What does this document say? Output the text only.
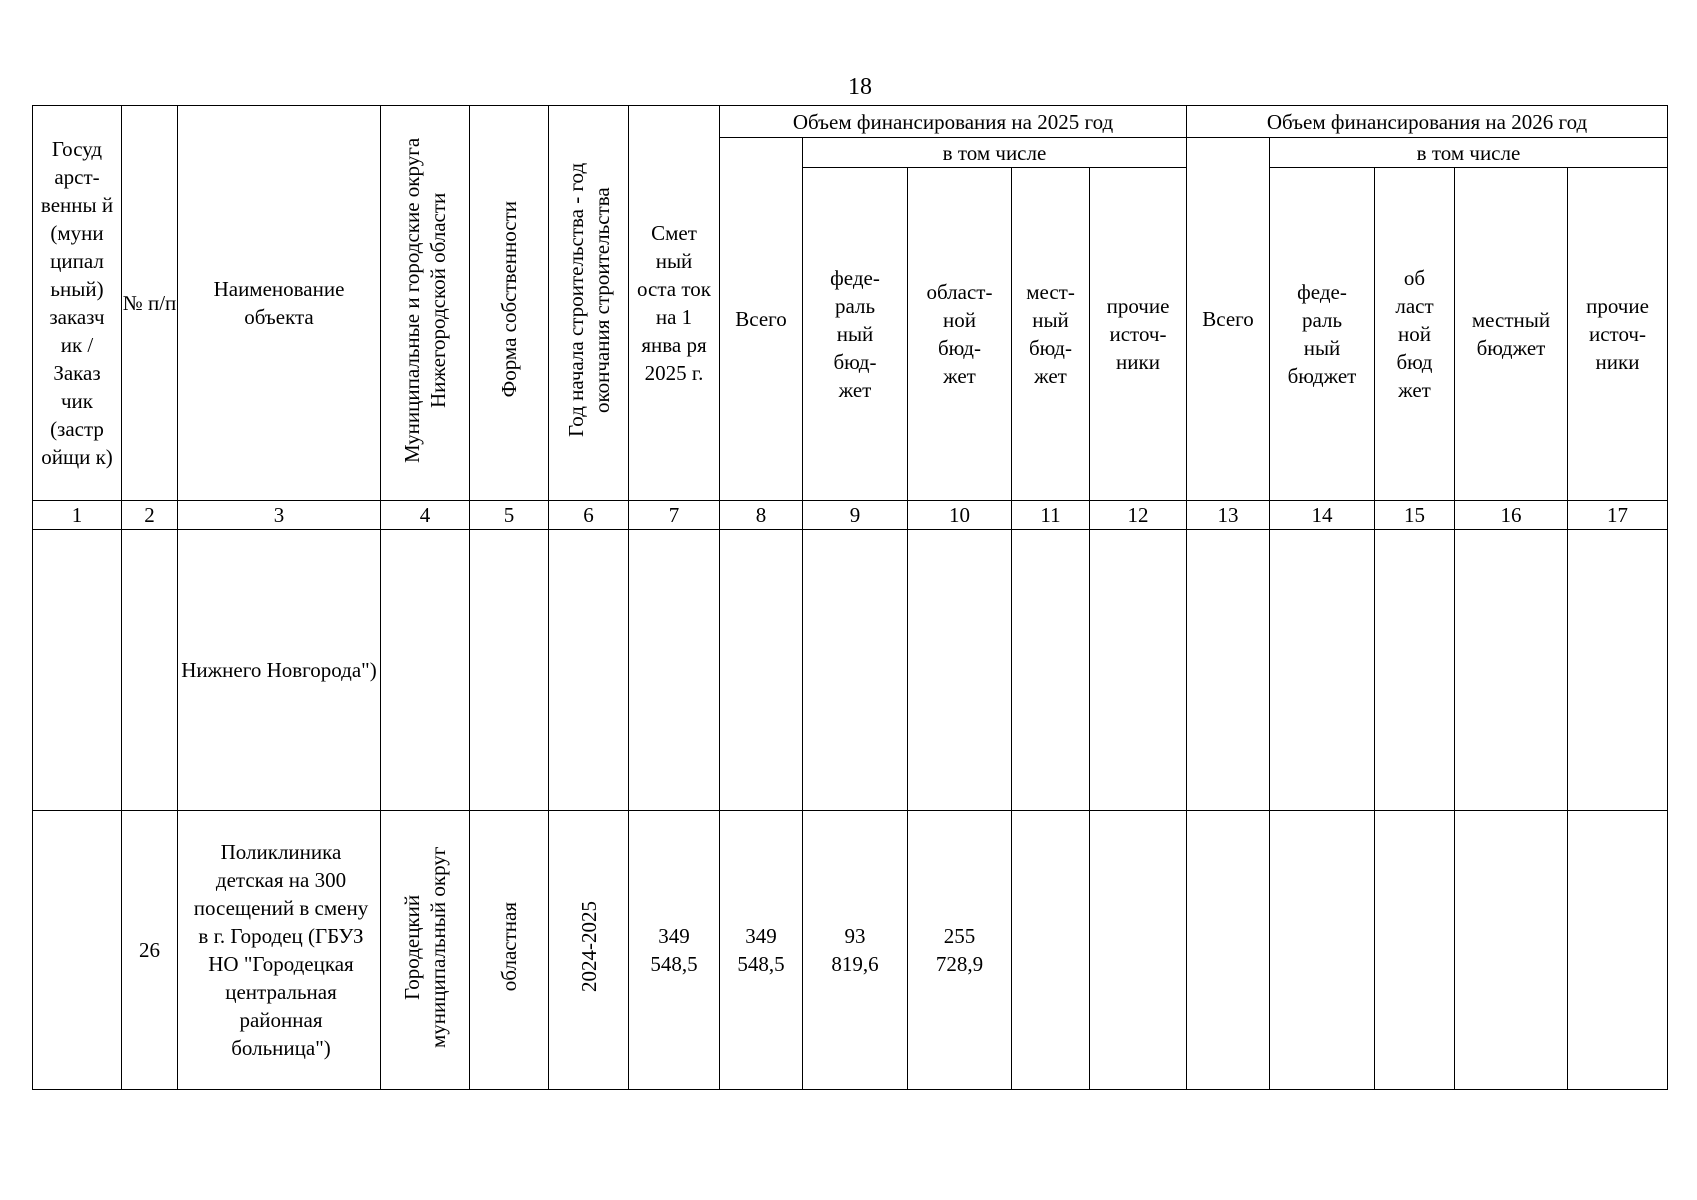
18
Госуд арст-венны й (муни ципал ьный) заказч ик / Заказ чик (застр ойщи к)	№ п/п	Наименование объекта	Муниципальные и городские округа Нижегородской области	Форма собственности	Год начала строительства - год окончания строительства	Смет ный оста ток на 1 янва ря 2025 г.	Объем финансирования на 2025 год					Объем финансирования на 2026 год				
							Всего	в том числе				Всего	в том числе			

								феде-раль ный бюд-жет	област-ной бюд-жет	мест-ный бюд-жет	прочие источ-ники		феде-раль ный бюджет	об ласт ной бюд жет	местный бюджет	прочие источ-ники

1	2	3	4	5	6	7	8	9	10	11	12	13	14	15	16	17
		Нижнего Новгорода")														
	26	Поликлиника детская на 300 посещений в смену в г. Городец (ГБУЗ НО "Городецкая центральная районная больница")	Городецкий муниципальный округ	областная	2024-2025	349 548,5	349 548,5	93 819,6	255 728,9							
